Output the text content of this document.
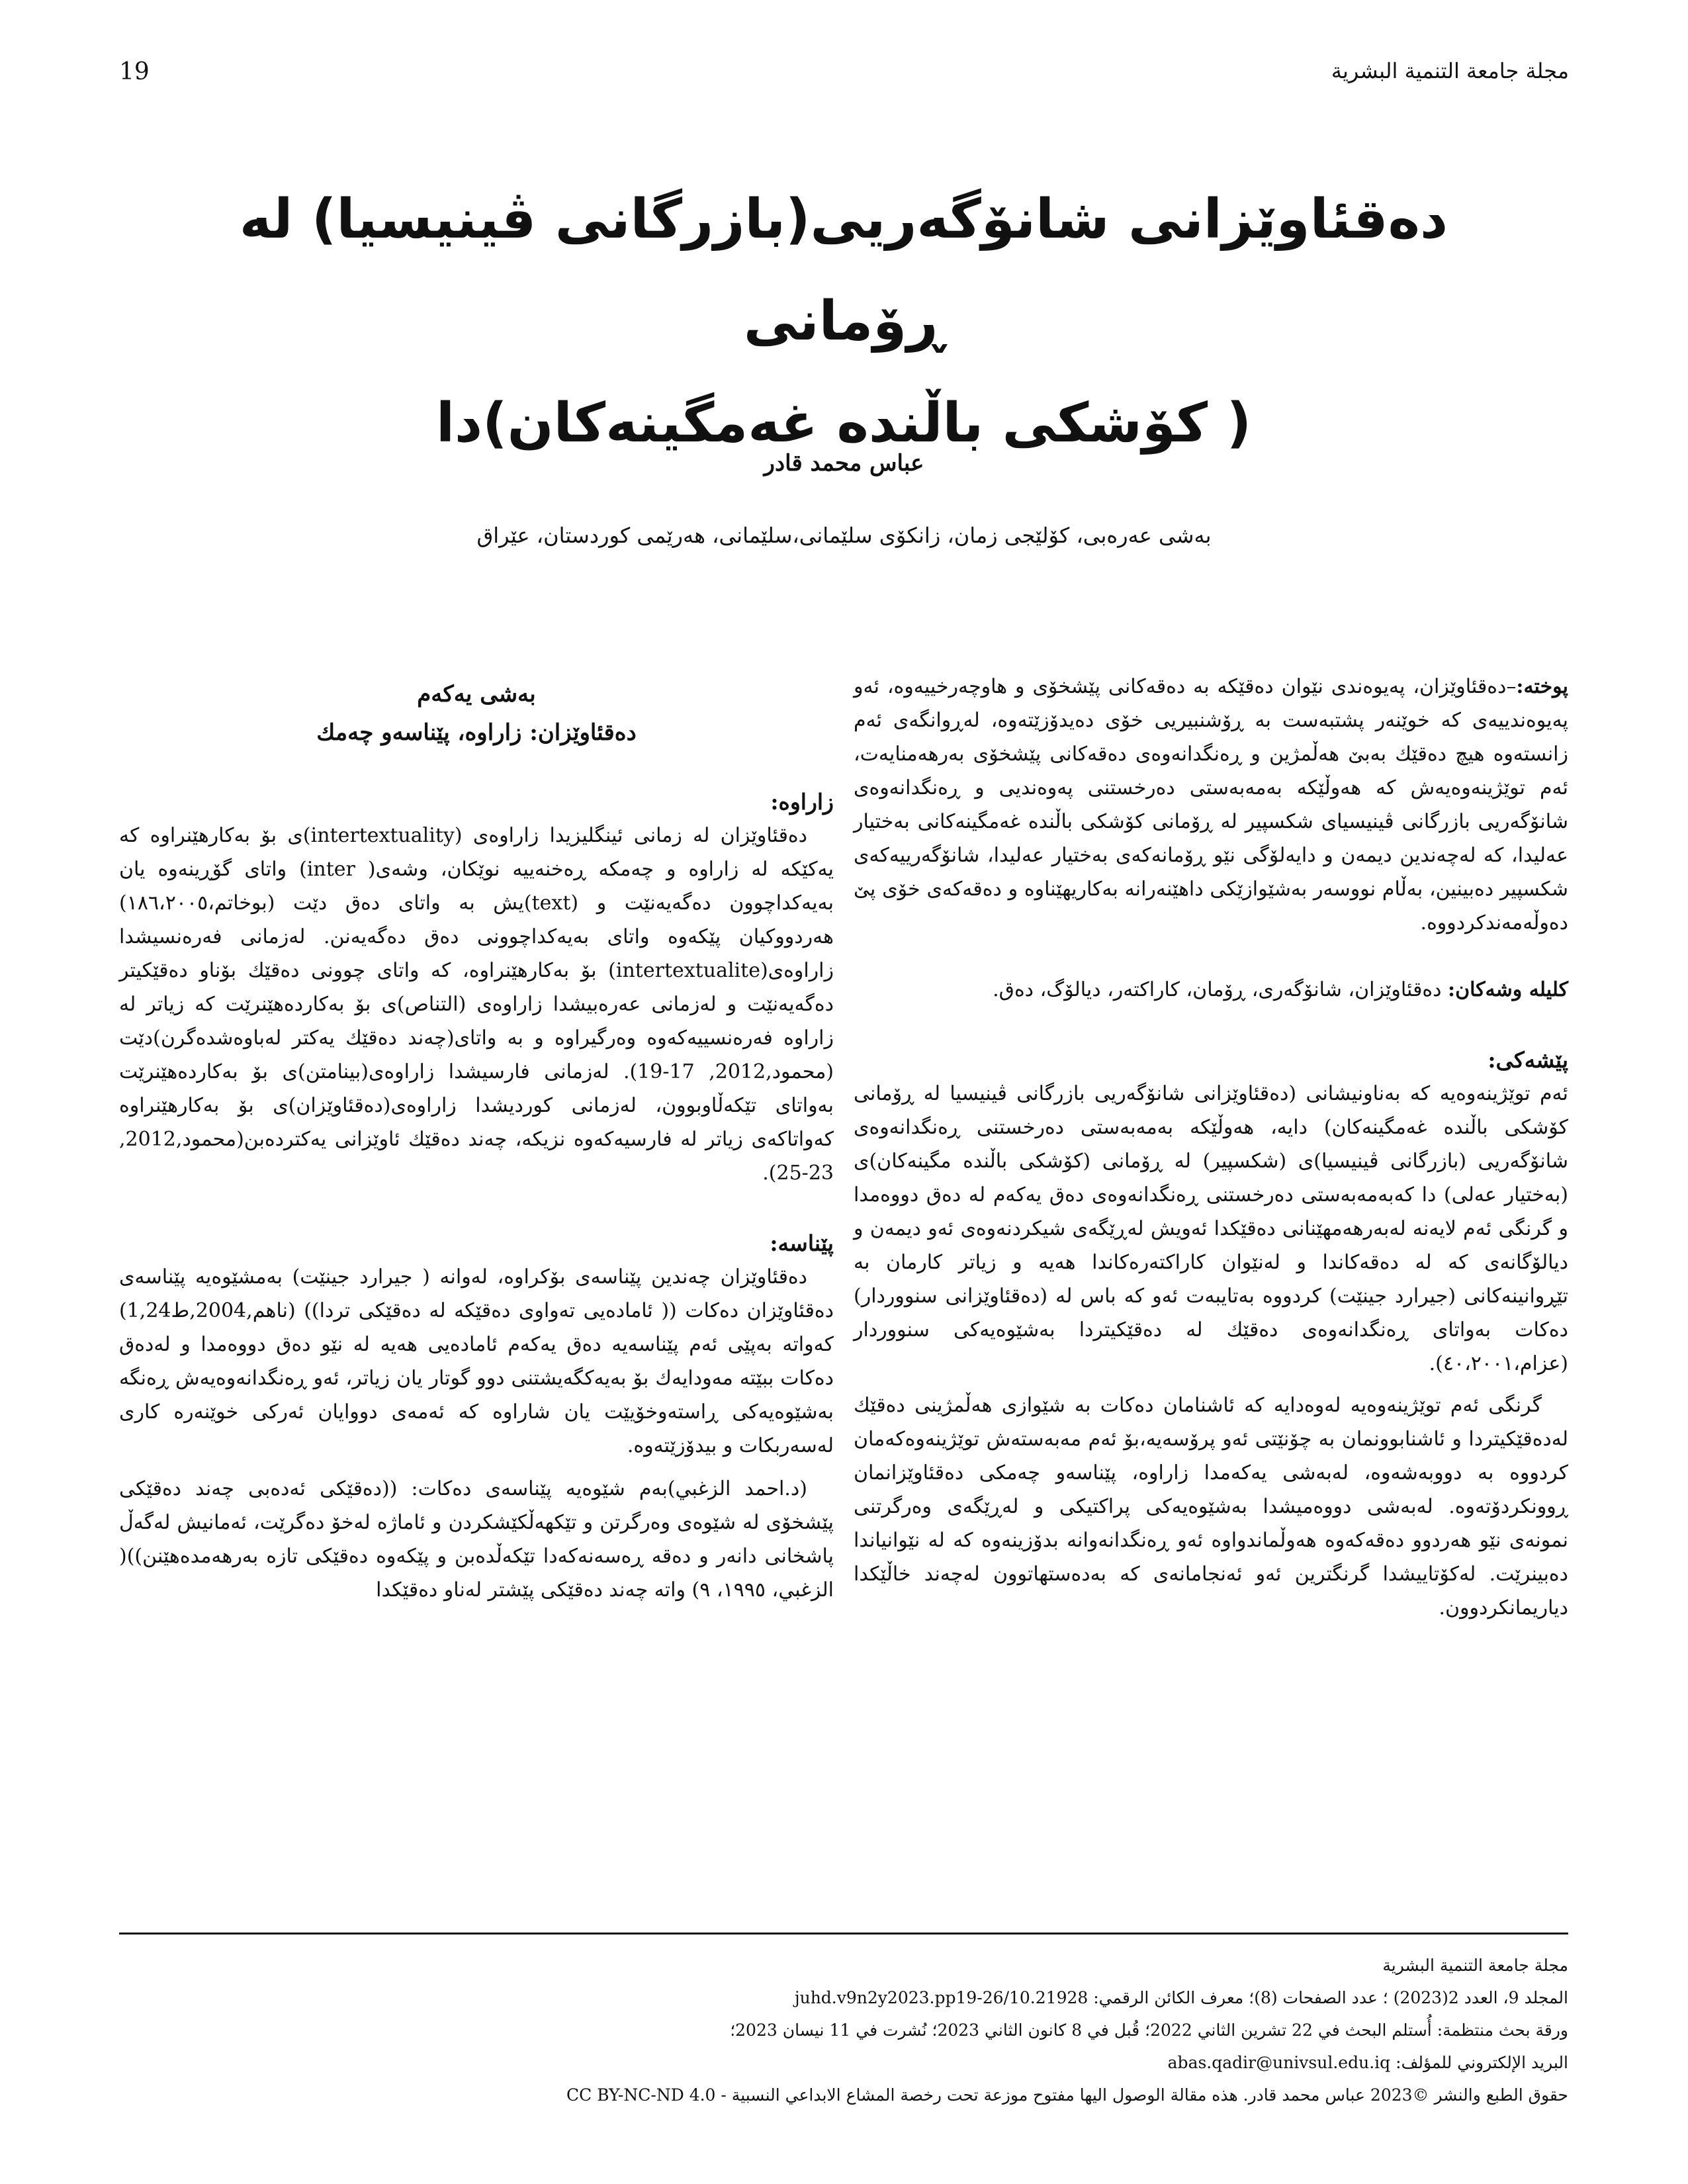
19	مجلة جامعة التنمية البشرية
دەقئاوێزانی شانۆگەریی(بازرگانی ڤینیسیا) لە ڕۆمانی
( کۆشکی باڵندە غەمگینەکان)دا
عباس محمد قادر
بەشی عەرەبی، کۆلێجی زمان، زانکۆی سلێمانی،سلێمانی، هەرێمی کوردستان، عێراق

پوختە:–دەقئاوێزان، پەیوەندی نێوان دەقێکە بە دەقەکانی پێشخۆی و هاوچەرخییەوە، ئەو پەیوەندییەی کە خوێنەر پشتبەست بە ڕۆشنبیریی خۆی دەیدۆزێتەوە، لەڕوانگەی ئەم زانستەوە هیچ دەقێك بەبێ هەڵمژین و ڕەنگدانەوەی دەقەکانی پێشخۆی بەرهەمنایەت، ئەم توێژینەوەیەش کە هەوڵێکە بەمەبەستی دەرخستنی پەوەندیی و ڕەنگدانەوەی شانۆگەریی بازرگانی ڤینیسیای شکسپیر لە ڕۆمانی کۆشکی باڵندە غەمگینەکانی بەختیار عەلیدا، کە لەچەندین دیمەن و دایەلۆگی نێو ڕۆمانەکەی بەختیار عەلیدا، شانۆگەرییەکەی شکسپیر دەبینین، بەڵام نووسەر بەشێوازێکی داهێنەرانە بەکاریهێناوە و دەقەکەی خۆی پێ دەوڵەمەندکردووە.

کلیلە وشەکان: دەقئاوێزان، شانۆگەری، ڕۆمان، کاراکتەر، دیالۆگ، دەق.

پێشەکی:

ئەم توێژینەوەیە کە بەناونیشانی (دەقئاوێزانی شانۆگەریی بازرگانی ڤینیسیا لە ڕۆمانی کۆشکی باڵندە غەمگینەکان) دایە، هەوڵێکە بەمەبەستی دەرخستنی ڕەنگدانەوەی شانۆگەریی (بازرگانی ڤینیسیا)ی (شکسپیر) لە ڕۆمانی (کۆشکی باڵندە مگینەکان)ی (بەختیار عەلی) دا کەبەمەبەستی دەرخستنی ڕەنگدانەوەی دەق یەکەم لە دەق دووەمدا و گرنگی ئەم لایەنە لەبەرهەمهێنانی دەقێکدا ئەویش لەڕێگەی شیکردنەوەی ئەو دیمەن و دیالۆگانەی کە لە دەقەکاندا و لەنێوان کاراکتەرەکاندا هەیە و زیاتر کارمان بە تێڕوانینەکانی (جیرارد جینێت) کردووە بەتایبەت ئەو کە باس لە (دەقئاوێزانی سنووردار) دەکات بەواتای ڕەنگدانەوەی دەقێك لە دەقێکیتردا بەشێوەیەکی سنووردار (عزام،٤٠،٢٠٠١).

گرنگی ئەم توێژینەوەیە لەوەدایە کە ئاشنامان دەکات بە شێوازی هەڵمژینی دەقێك لەدەقێکیتردا و ئاشنابوونمان بە چۆنێتی ئەو پرۆسەیە،بۆ ئەم مەبەستەش توێژینەوەکەمان کردووە بە دووبەشەوە، لەبەشی یەکەمدا زاراوە، پێناسەو چەمکی دەقئاوێزانمان ڕوونکردۆتەوە. لەبەشی دووەمیشدا بەشێوەیەکی پراکتیکی و لەڕێگەی وەرگرتنی نمونەی نێو هەردوو دەقەکەوە هەوڵماندواوە ئەو ڕەنگدانەوانە بدۆزینەوە کە لە نێوانیاندا دەبینرێت. لەکۆتاییشدا گرنگترین ئەو ئەنجامانەی کە بەدەستهاتوون لەچەند خاڵێکدا دیاریمانکردوون.

بەشی یەکەم

دەقئاوێزان: زاراوە، پێناسەو چەمك

زاراوە:

دەقئاوێزان لە زمانی ئینگلیزیدا زاراوەی (intertextuality)ی بۆ بەکارهێنراوە کە یەکێکە لە زاراوە و چەمکە ڕەخنەییە نوێکان، وشەی( inter) واتای گۆڕینەوە یان بەیەکداچوون دەگەیەنێت و (text)یش بە واتای دەق دێت (بوخاتم،١٨٦،٢٠٠٥) هەردووکیان پێکەوە واتای بەیەکداچوونی دەق دەگەیەنن. لەزمانی فەرەنسیشدا زاراوەی(intertextualite) بۆ بەکارهێنراوە، کە واتای چوونی دەقێك بۆناو دەقێکیتر دەگەیەنێت و لەزمانی عەرەبیشدا زاراوەی (التناص)ی بۆ بەکاردەهێنرێت کە زیاتر لە زاراوە فەرەنسییەکەوە وەرگیراوە و بە واتای(چەند دەقێك یەکتر لەباوەشدەگرن)دێت (محمود,2012, 17-19). لەزمانی فارسیشدا زاراوەی(بینامتن)ی بۆ بەکاردەهێنرێت بەواتای تێکەڵاوبوون، لەزمانی کوردیشدا زاراوەی(دەقئاوێزان)ی بۆ بەکارهێنراوە کەواتاکەی زیاتر لە فارسیەکەوە نزیکە، چەند دەقێك ئاوێزانی یەکتردەبن(محمود,2012, 23-25).

پێناسە:

دەقئاوێزان چەندین پێناسەی بۆکراوە، لەوانە ( جیرارد جینێت) بەمشێوەیە پێناسەی دەقئاوێزان دەکات (( ئامادەیی تەواوی دەقێکە لە دەقێکی تردا)) (ناهم,2004,ط1,24) کەواتە بەپێی ئەم پێناسەیە دەق یەکەم ئامادەیی هەیە لە نێو دەق دووەمدا و لەدەق دەکات ببێتە مەودایەك بۆ بەیەکگەیشتنی دوو گوتار یان زیاتر، ئەو ڕەنگدانەوەیەش ڕەنگە بەشێوەیەکی ڕاستەوخۆیێت یان شاراوە کە ئەمەی دووایان ئەرکی خوێنەرە کاری لەسەربکات و بیدۆزێتەوە.

(د.احمد الزغبي)بەم شێوەیە پێناسەی دەکات: ((دەقێکی ئەدەبی چەند دەقێکی پێشخۆی لە شێوەی وەرگرتن و تێکهەڵکێشکردن و ئاماژە لەخۆ دەگرێت، ئەمانیش لەگەڵ پاشخانی دانەر و دەقە ڕەسەنەکەدا تێکەڵدەبن و پێکەوە دەقێکی تازە بەرهەمدەهێنن))( الزغبي، ١٩٩٥، ٩) واتە چەند دەقێکی پێشتر لەناو دەقێکدا

مجلة جامعة التنمية البشرية
المجلد 9، العدد 2(2023) ؛ عدد الصفحات (8)؛ معرف الكائن الرقمي: 10.21928/juhd.v9n2y2023.pp19-26
ورقة بحث منتظمة: أُستلم البحث في 22 تشرين الثاني 2022؛ قُبل في 8 كانون الثاني 2023؛ نُشرت في 11 نيسان 2023؛
البريد الإلكتروني للمؤلف: abas.qadir@univsul.edu.iq
حقوق الطبع والنشر ©2023 عباس محمد قادر. هذه مقالة الوصول اليها مفتوح موزعة تحت رخصة المشاع الابداعي النسبية - CC BY-NC-ND 4.0
